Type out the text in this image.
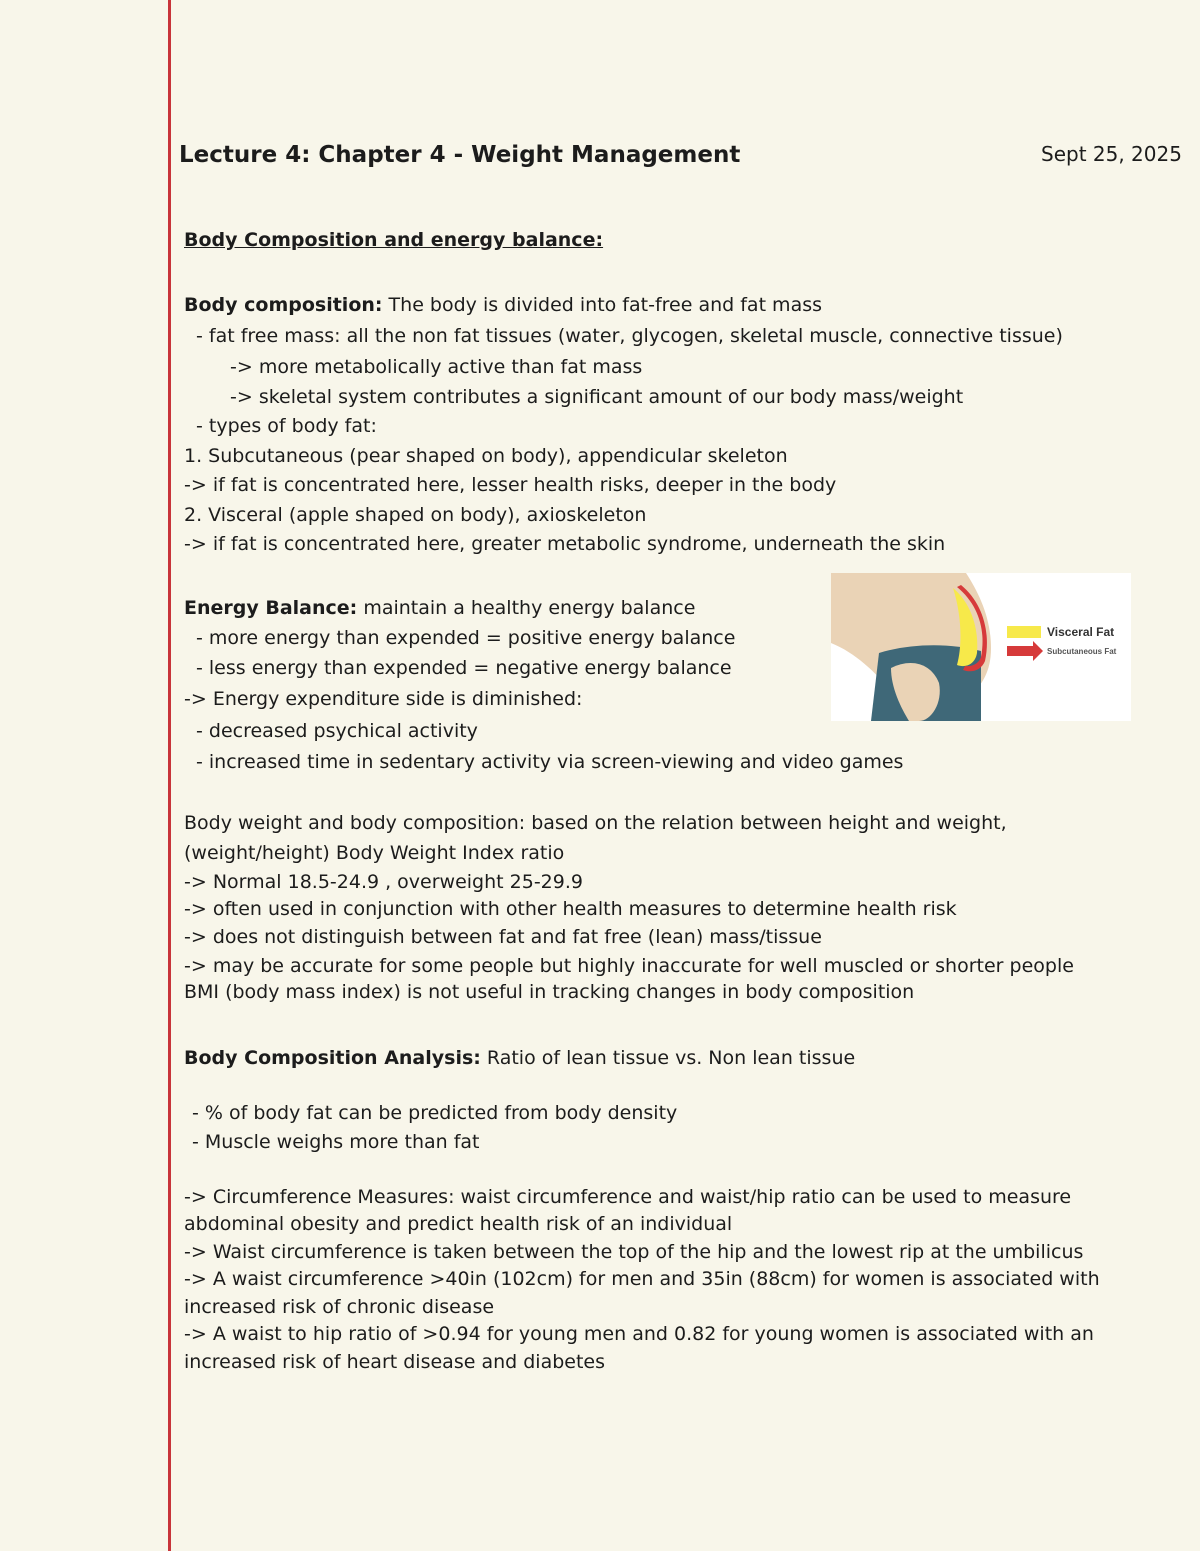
Lecture 4: Chapter 4 - Weight Management	Sept 25, 2025
Body Composition and energy balance:
Body composition: The body is divided into fat-free and fat mass
- fat free mass: all the non fat tissues (water, glycogen, skeletal muscle, connective tissue)
-> more metabolically active than fat mass
-> skeletal system contributes a significant amount of our body mass/weight
- types of body fat:
1. Subcutaneous (pear shaped on body), appendicular skeleton
-> if fat is concentrated here, lesser health risks, deeper in the body
2. Visceral (apple shaped on body), axioskeleton
-> if fat is concentrated here, greater metabolic syndrome, underneath the skin
Energy Balance: maintain a healthy energy balance
- more energy than expended = positive energy balance
- less energy than expended = negative energy balance
-> Energy expenditure side is diminished:
- decreased psychical activity
- increased time in sedentary activity via screen-viewing and video games
Visceral Fat
Subcutaneous Fat
Body weight and body composition: based on the relation between height and weight,
(weight/height) Body Weight Index ratio
-> Normal 18.5-24.9 , overweight 25-29.9
-> often used in conjunction with other health measures to determine health risk
-> does not distinguish between fat and fat free (lean) mass/tissue
-> may be accurate for some people but highly inaccurate for well muscled or shorter people
BMI (body mass index) is not useful in tracking changes in body composition
Body Composition Analysis: Ratio of lean tissue vs. Non lean tissue
- % of body fat can be predicted from body density
- Muscle weighs more than fat
-> Circumference Measures: waist circumference and waist/hip ratio can be used to measure
abdominal obesity and predict health risk of an individual
-> Waist circumference is taken between the top of the hip and the lowest rip at the umbilicus
-> A waist circumference >40in (102cm) for men and 35in (88cm) for women is associated with
increased risk of chronic disease
-> A waist to hip ratio of >0.94 for young men and 0.82 for young women is associated with an
increased risk of heart disease and diabetes
